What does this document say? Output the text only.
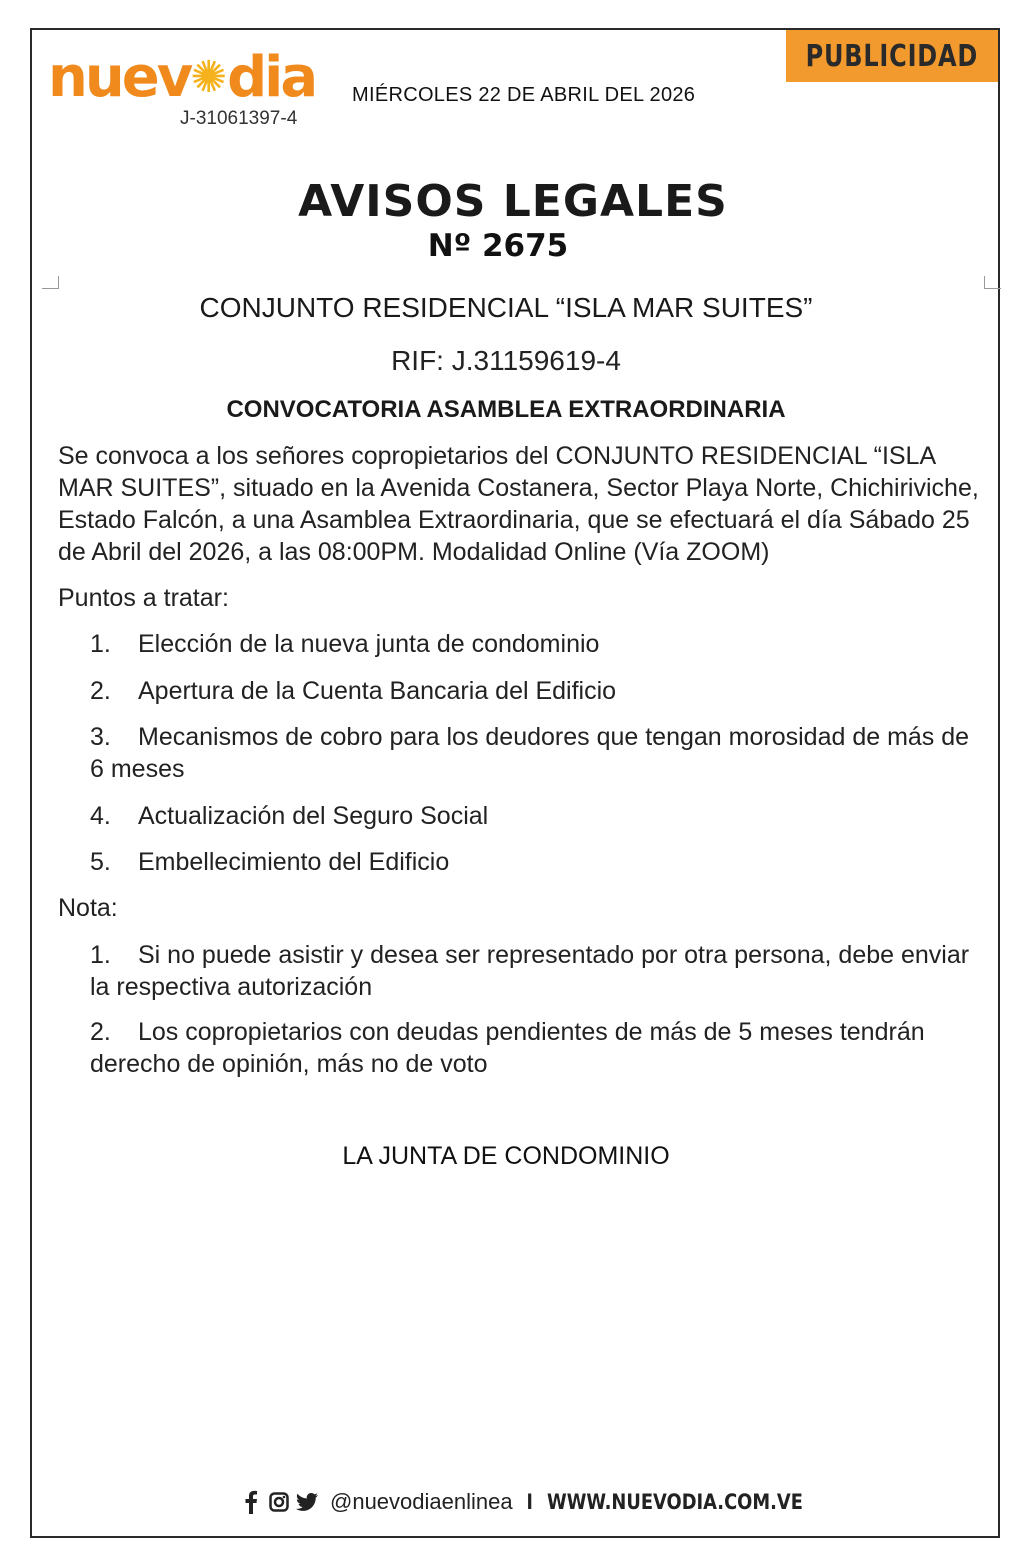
nuev✺dia
J-31061397-4
MIÉRCOLES 22 DE ABRIL DEL 2026
PUBLICIDAD
AVISOS LEGALES
Nº 2675
CONJUNTO RESIDENCIAL “ISLA MAR SUITES”
RIF: J.31159619-4
CONVOCATORIA ASAMBLEA EXTRAORDINARIA
Se convoca a los señores copropietarios del CONJUNTO RESIDENCIAL “ISLA MAR SUITES”, situado en la Avenida Costanera, Sector Playa Norte, Chichiriviche, Estado Falcón, a una Asamblea Extraordinaria, que se efectuará el día Sábado 25 de Abril del 2026, a las 08:00PM. Modalidad Online (Vía ZOOM)
Puntos a tratar:
1. Elección de la nueva junta de condominio
2. Apertura de la Cuenta Bancaria del Edificio
3. Mecanismos de cobro para los deudores que tengan morosidad de más de 6 meses
4. Actualización del Seguro Social
5. Embellecimiento del Edificio
Nota:
1. Si no puede asistir y desea ser representado por otra persona, debe enviar la respectiva autorización
2. Los copropietarios con deudas pendientes de más de 5 meses tendrán derecho de opinión, más no de voto
LA JUNTA DE CONDOMINIO
@nuevodiaenlinea I WWW.NUEVODIA.COM.VE
